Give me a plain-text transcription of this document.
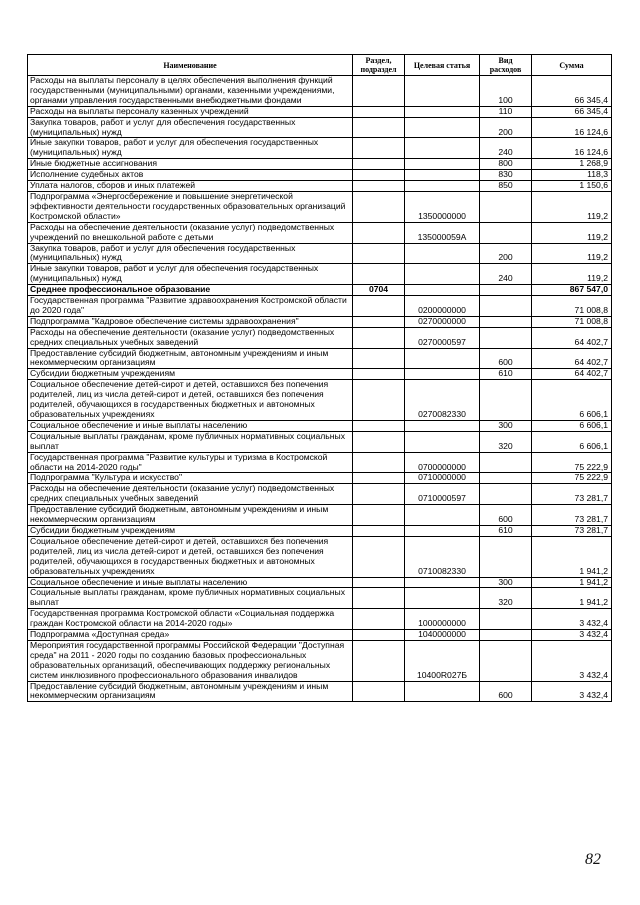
Наименование	Раздел, подраздел	Целевая статья	Вид расходов	Сумма
Расходы на выплаты персоналу в целях обеспечения выполнения функций государственными (муниципальными) органами, казенными учреждениями, органами управления государственными внебюджетными фондами			100	66 345,4
Расходы на выплаты персоналу казенных учреждений			110	66 345,4
Закупка товаров, работ и услуг для обеспечения государственных (муниципальных) нужд			200	16 124,6
Иные закупки товаров, работ и услуг для обеспечения государственных (муниципальных) нужд			240	16 124,6
Иные бюджетные ассигнования			800	1 268,9
Исполнение судебных актов			830	118,3
Уплата налогов, сборов и иных платежей			850	1 150,6
Подпрограмма «Энергосбережение и повышение энергетической эффективности деятельности государственных образовательных организаций Костромской области»		1350000000		119,2
Расходы на обеспечение деятельности (оказание услуг) подведомственных учреждений по внешкольной работе с детьми		135000059А		119,2
Закупка товаров, работ и услуг для обеспечения государственных (муниципальных) нужд			200	119,2
Иные закупки товаров, работ и услуг для обеспечения государственных (муниципальных) нужд			240	119,2
Среднее профессиональное образование	0704			867 547,0
Государственная программа "Развитие здравоохранения Костромской области до 2020 года"		0200000000		71 008,8
Подпрограмма "Кадровое обеспечение системы здравоохранения"		0270000000		71 008,8
Расходы на обеспечение деятельности (оказание услуг) подведомственных средних специальных учебных заведений		0270000597		64 402,7
Предоставление субсидий бюджетным, автономным учреждениям и иным некоммерческим организациям			600	64 402,7
Субсидии бюджетным учреждениям			610	64 402,7
Социальное обеспечение детей-сирот и детей, оставшихся без попечения родителей, лиц из числа детей-сирот и детей, оставшихся без попечения родителей, обучающихся в государственных бюджетных и автономных образовательных учреждениях		0270082330		6 606,1
Социальное обеспечение и иные выплаты населению			300	6 606,1
Социальные выплаты гражданам, кроме публичных нормативных социальных выплат			320	6 606,1
Государственная программа "Развитие культуры и туризма в Костромской области на 2014-2020 годы"		0700000000		75 222,9
Подпрограмма "Культура и искусство"		0710000000		75 222,9
Расходы на обеспечение деятельности (оказание услуг) подведомственных средних специальных учебных заведений		0710000597		73 281,7
Предоставление субсидий бюджетным, автономным учреждениям и иным некоммерческим организациям			600	73 281,7
Субсидии бюджетным учреждениям			610	73 281,7
Социальное обеспечение детей-сирот и детей, оставшихся без попечения родителей, лиц из числа детей-сирот и детей, оставшихся без попечения родителей, обучающихся в государственных бюджетных и автономных образовательных учреждениях		0710082330		1 941,2
Социальное обеспечение и иные выплаты населению			300	1 941,2
Социальные выплаты гражданам, кроме публичных нормативных социальных выплат			320	1 941,2
Государственная программа Костромской области «Социальная поддержка граждан Костромской области на 2014-2020 годы»		1000000000		3 432,4
Подпрограмма «Доступная среда»		1040000000		3 432,4
Мероприятия государственной программы Российской Федерации "Доступная среда" на 2011 - 2020 годы по созданию базовых профессиональных образовательных организаций, обеспечивающих поддержку региональных систем инклюзивного профессионального образования инвалидов		10400R027Б		3 432,4
Предоставление субсидий бюджетным, автономным учреждениям и иным некоммерческим организациям			600	3 432,4
82
